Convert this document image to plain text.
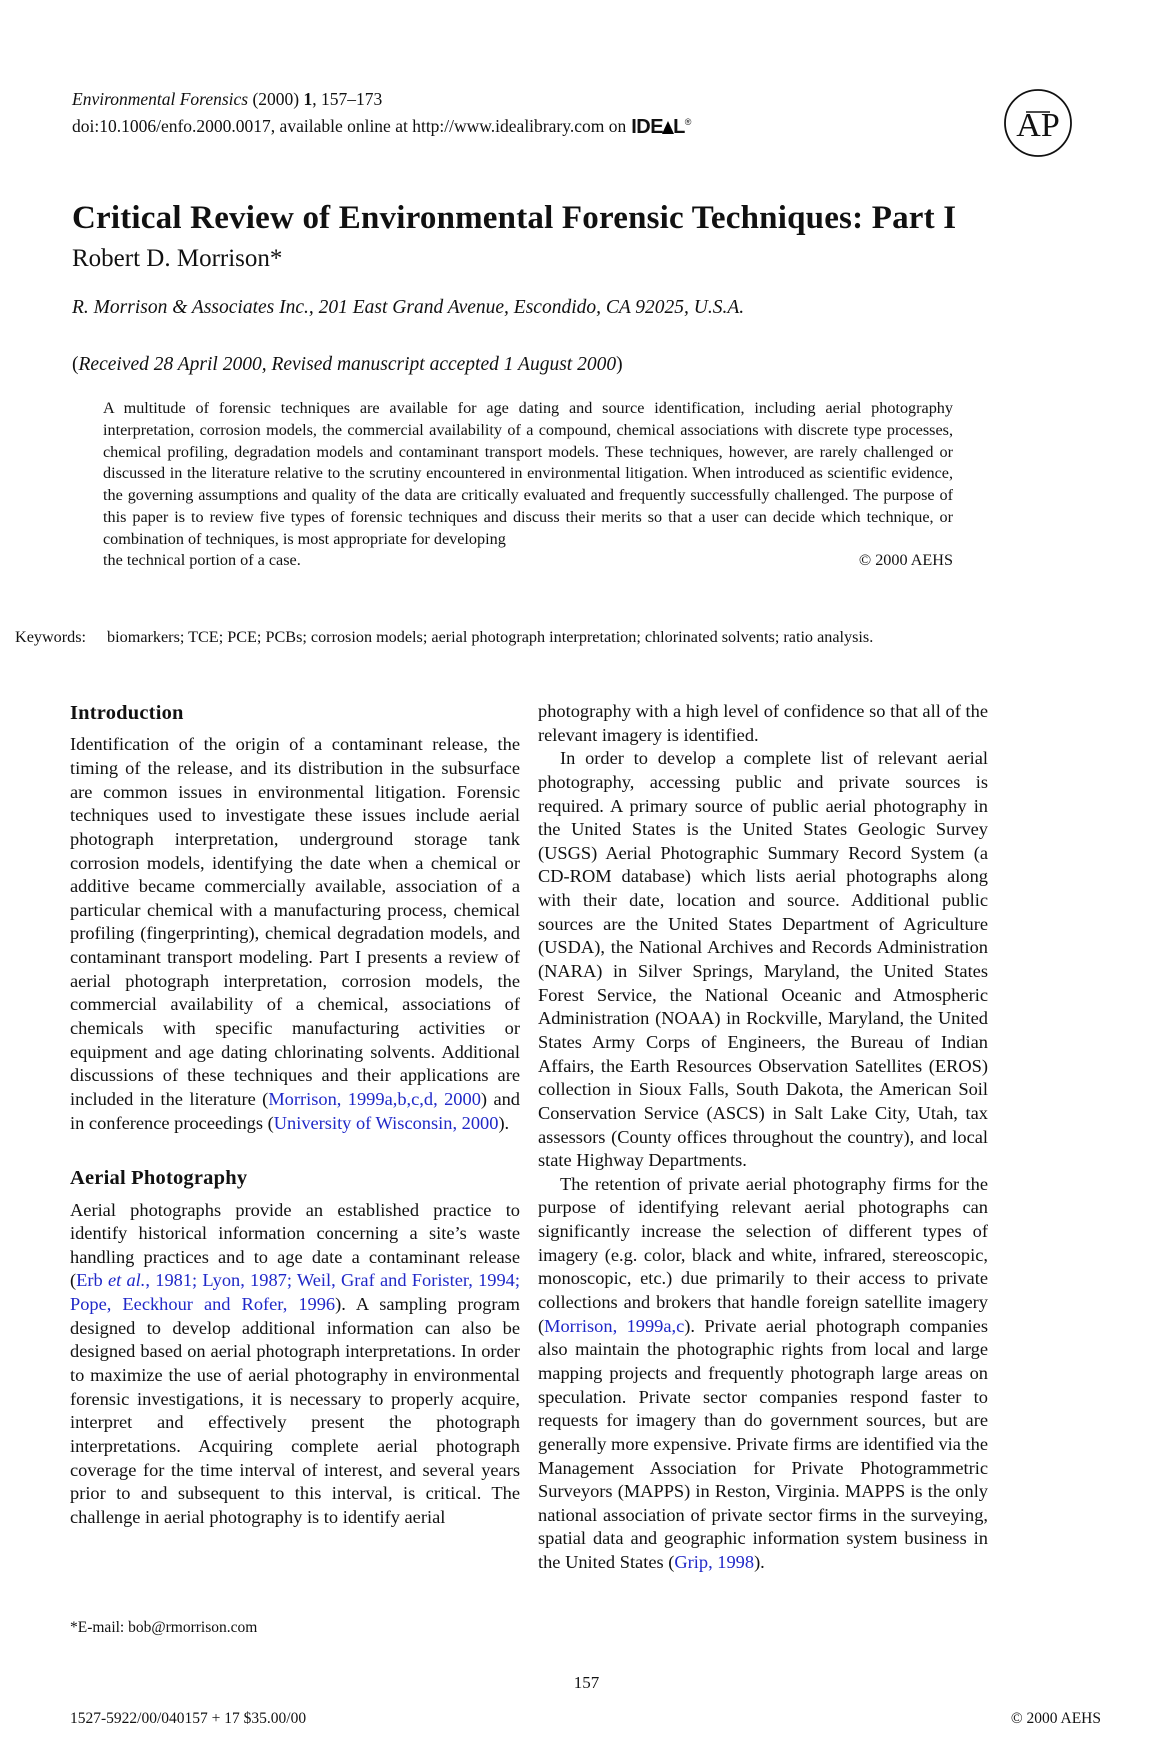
Environmental Forensics (2000) 1, 157–173
doi:10.1006/enfo.2000.0017, available online at http://www.idealibrary.com on IDE L®	AP
Critical Review of Environmental Forensic Techniques: Part I
Robert D. Morrison*
R. Morrison & Associates Inc., 201 East Grand Avenue, Escondido, CA 92025, U.S.A.
(Received 28 April 2000, Revised manuscript accepted 1 August 2000)
A multitude of forensic techniques are available for age dating and source identification, including aerial photography interpretation, corrosion models, the commercial availability of a compound, chemical associations with discrete type processes, chemical profiling, degradation models and contaminant transport models. These techniques, however, are rarely challenged or discussed in the literature relative to the scrutiny encountered in environmental litigation. When introduced as scientific evidence, the governing assumptions and quality of the data are critically evaluated and frequently successfully challenged. The purpose of this paper is to review five types of forensic techniques and discuss their merits so that a user can decide which technique, or combination of techniques, is most appropriate for developing
the technical portion of a case.	© 2000 AEHS
Keywords: biomarkers; TCE; PCE; PCBs; corrosion models; aerial photograph interpretation; chlorinated solvents; ratio analysis.
Introduction

Identification of the origin of a contaminant release, the timing of the release, and its distribution in the subsurface are common issues in environmental litigation. Forensic techniques used to investigate these issues include aerial photograph interpretation, underground storage tank corrosion models, identifying the date when a chemical or additive became commercially available, association of a particular chemical with a manufacturing process, chemical profiling (fingerprinting), chemical degradation models, and contaminant transport modeling. Part I presents a review of aerial photograph interpretation, corrosion models, the commercial availability of a chemical, associations of chemicals with specific manufacturing activities or equipment and age dating chlorinating solvents. Additional discussions of these techniques and their applications are included in the literature (Morrison, 1999a,b,c,d, 2000) and in conference proceedings (University of Wisconsin, 2000).

Aerial Photography

Aerial photographs provide an established practice to identify historical information concerning a site’s waste handling practices and to age date a contaminant release (Erb et al., 1981; Lyon, 1987; Weil, Graf and Forister, 1994; Pope, Eeckhour and Rofer, 1996). A sampling program designed to develop additional information can also be designed based on aerial photograph interpretations. In order to maximize the use of aerial photography in environmental forensic investigations, it is necessary to properly acquire, interpret and effectively present the photograph interpretations. Acquiring complete aerial photograph coverage for the time interval of interest, and several years prior to and subsequent to this interval, is critical. The challenge in aerial photography is to identify aerial

photography with a high level of confidence so that all of the relevant imagery is identified.

In order to develop a complete list of relevant aerial photography, accessing public and private sources is required. A primary source of public aerial photography in the United States is the United States Geologic Survey (USGS) Aerial Photographic Summary Record System (a CD-ROM database) which lists aerial photographs along with their date, location and source. Additional public sources are the United States Department of Agriculture (USDA), the National Archives and Records Administration (NARA) in Silver Springs, Maryland, the United States Forest Service, the National Oceanic and Atmospheric Administration (NOAA) in Rockville, Maryland, the United States Army Corps of Engineers, the Bureau of Indian Affairs, the Earth Resources Observation Satellites (EROS) collection in Sioux Falls, South Dakota, the American Soil Conservation Service (ASCS) in Salt Lake City, Utah, tax assessors (County offices throughout the country), and local state Highway Departments.

The retention of private aerial photography firms for the purpose of identifying relevant aerial photographs can significantly increase the selection of different types of imagery (e.g. color, black and white, infrared, stereoscopic, monoscopic, etc.) due primarily to their access to private collections and brokers that handle foreign satellite imagery (Morrison, 1999a,c). Private aerial photograph companies also maintain the photographic rights from local and large mapping projects and frequently photograph large areas on speculation. Private sector companies respond faster to requests for imagery than do government sources, but are generally more expensive. Private firms are identified via the Management Association for Private Photogrammetric Surveyors (MAPPS) in Reston, Virginia. MAPPS is the only national association of private sector firms in the surveying, spatial data and geographic information system business in the United States (Grip, 1998).

*E-mail: bob@rmorrison.com
157
1527-5922/00/040157 + 17 $35.00/00	© 2000 AEHS
